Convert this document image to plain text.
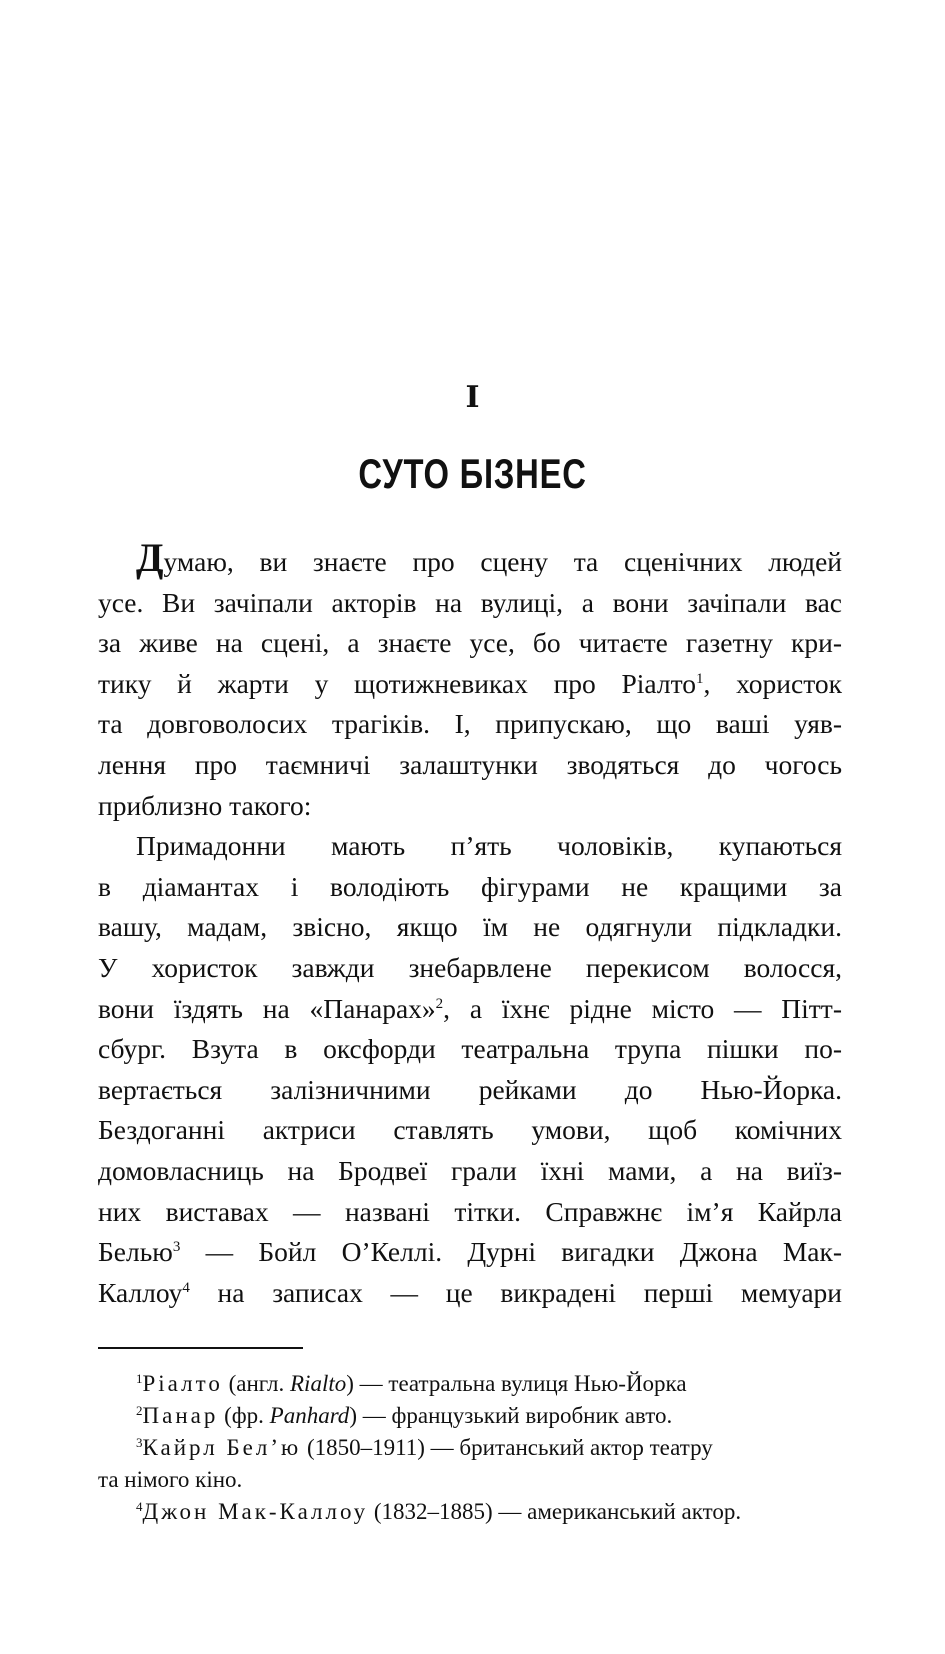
I
СУТО БІЗНЕС

Думаю, ви знаєте про сцену та сценічних людей
усе. Ви зачіпали акторів на вулиці, а вони зачіпали вас
за живе на сцені, а знаєте усе, бо читаєте газетну кри-
тику й жарти у щотижневиках про Ріалто$^1$, хористок
та довговолосих трагіків. І, припускаю, що ваші уяв-
лення про таємничі залаштунки зводяться до чогось
приблизно такого:

Примадонни мають п’ять чоловіків, купаються
в діамантах і володіють фігурами не кращими за
вашу, мадам, звісно, якщо їм не одягнули підкладки.
У хористок завжди знебарвлене перекисом волосся,
вони їздять на «Панарах»$^2$, а їхнє рідне місто — Пітт-
сбург. Взута в оксфорди театральна трупа пішки по-
вертається залізничними рейками до Нью-Йорка.
Бездоганні актриси ставлять умови, щоб комічних
домовласниць на Бродвеї грали їхні мами, а на виїз-
них виставах — названі тітки. Справжнє ім’я Кайрла
Белью$^3$ — Бойл О’Келлі. Дурні вигадки Джона Мак-
Каллоу$^4$ на записах — це викрадені перші мемуари

$^1$Ріалто (англ. Rialto) — театральна вулиця Нью-Йорка

$^2$Панар (фр. Panhard) — французький виробник авто.

$^3$Кайрл Бел’ю (1850–1911) — британський актор театру

та німого кіно.

$^4$Джон Мак-Каллоу (1832–1885) — американський актор.
